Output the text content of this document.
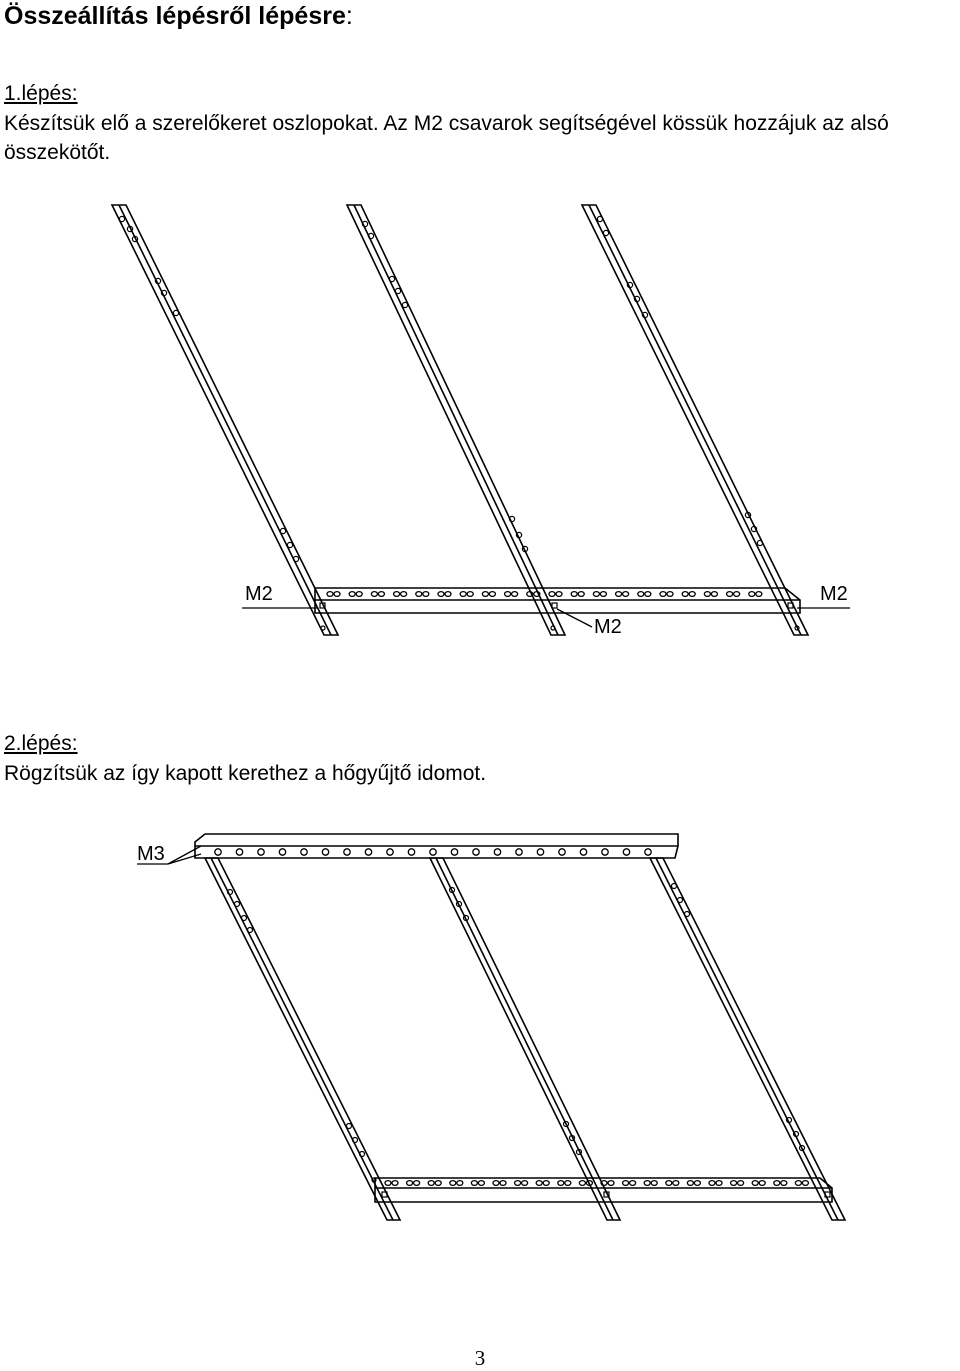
Összeállítás lépésről lépésre:
1.lépés:
Készítsük elő a szerelőkeret oszlopokat. Az M2 csavarok segítségével kössük hozzájuk az alsó összekötőt.
M2	M2
M2
2.lépés:
Rögzítsük az így kapott kerethez a hőgyűjtő idomot.
M3
3
